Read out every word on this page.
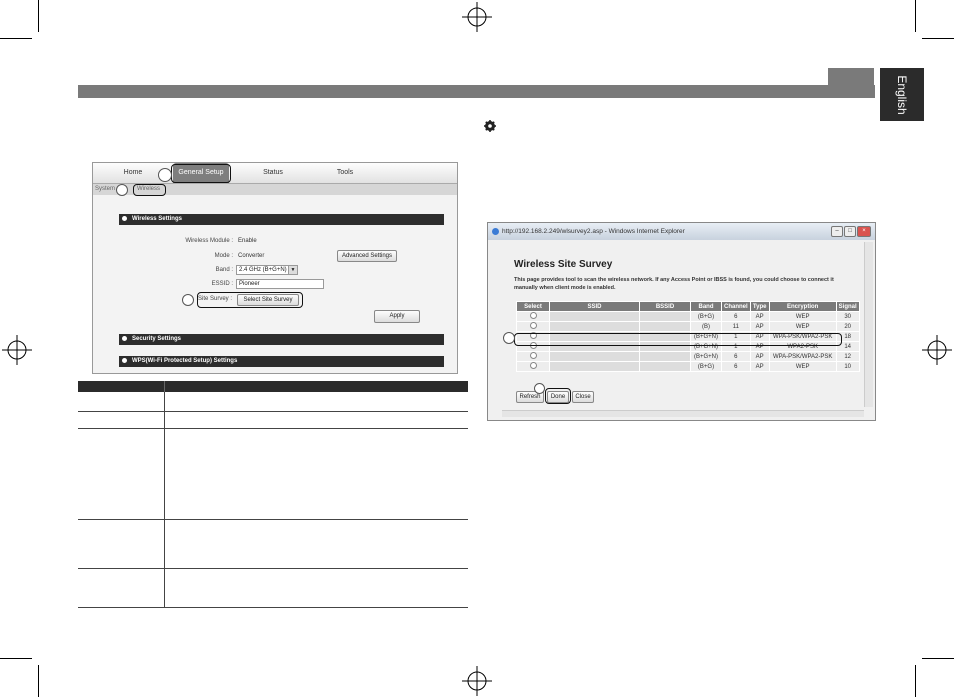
English
Home	General Setup	Status	Tools
System	Wireless
Wireless Settings
Wireless Module : Enable
Mode : Converter	Advanced Settings
Band :	2.4 GHz (B+G+N) ▼
ESSID :	Pioneer
Site Survey :	Select Site Survey
Apply
Security Settings
WPS(Wi-Fi Protected Setup) Settings
http://192.168.2.249/wlsurvey2.asp - Windows Internet Explorer	–	□	×
Wireless Site Survey
This page provides tool to scan the wireless network. If any Access Point or IBSS is found, you could choose to connect it manually when client mode is enabled.
Select	SSID	BSSID	Band	Channel	Type	Encryption	Signal
			(B+G)	6	AP	WEP	30
			(B)	11	AP	WEP	20
			(B+G+N)	1	AP	WPA-PSK/WPA2-PSK	18
			(B+G+N)	1	AP	WPA2-PSK	14
			(B+G+N)	6	AP	WPA-PSK/WPA2-PSK	12
			(B+G)	6	AP	WEP	10
Refresh	Done	Close
